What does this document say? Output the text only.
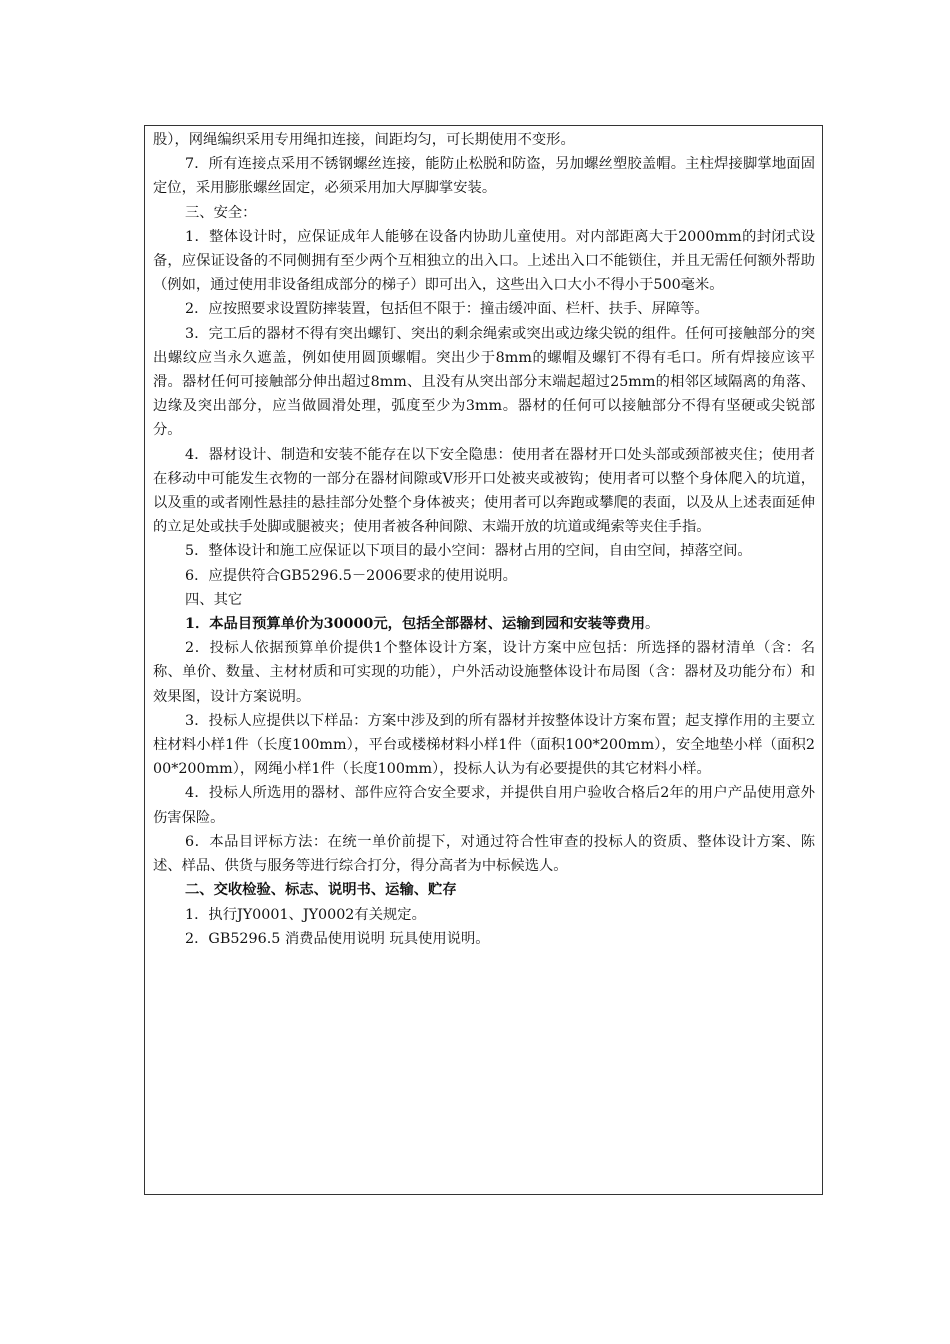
股），网绳编织采用专用绳扣连接，间距均匀，可长期使用不变形。

7．所有连接点采用不锈钢螺丝连接，能防止松脱和防盗，另加螺丝塑胶盖帽。主柱焊接脚掌地面固定位，采用膨胀螺丝固定，必须采用加大厚脚掌安装。

三、安全：

1．整体设计时，应保证成年人能够在设备内协助儿童使用。对内部距离大于2000mm的封闭式设备，应保证设备的不同侧拥有至少两个互相独立的出入口。上述出入口不能锁住，并且无需任何额外帮助（例如，通过使用非设备组成部分的梯子）即可出入，这些出入口大小不得小于500毫米。

2．应按照要求设置防摔装置，包括但不限于：撞击缓冲面、栏杆、扶手、屏障等。

3．完工后的器材不得有突出螺钉、突出的剩余绳索或突出或边缘尖锐的组件。任何可接触部分的突出螺纹应当永久遮盖，例如使用圆顶螺帽。突出少于8mm的螺帽及螺钉不得有毛口。所有焊接应该平滑。器材任何可接触部分伸出超过8mm、且没有从突出部分末端起超过25mm的相邻区域隔离的角落、边缘及突出部分，应当做圆滑处理，弧度至少为3mm。器材的任何可以接触部分不得有坚硬或尖锐部分。

4．器材设计、制造和安装不能存在以下安全隐患：使用者在器材开口处头部或颈部被夹住；使用者在移动中可能发生衣物的一部分在器材间隙或V形开口处被夹或被钩；使用者可以整个身体爬入的坑道，以及重的或者刚性悬挂的悬挂部分处整个身体被夹；使用者可以奔跑或攀爬的表面，以及从上述表面延伸的立足处或扶手处脚或腿被夹；使用者被各种间隙、末端开放的坑道或绳索等夹住手指。

5．整体设计和施工应保证以下项目的最小空间：器材占用的空间，自由空间，掉落空间。

6．应提供符合GB5296.5－2006要求的使用说明。

四、其它

1．本品目预算单价为30000元，包括全部器材、运输到园和安装等费用。

2．投标人依据预算单价提供1个整体设计方案，设计方案中应包括：所选择的器材清单（含：名称、单价、数量、主材材质和可实现的功能），户外活动设施整体设计布局图（含：器材及功能分布）和效果图，设计方案说明。

3．投标人应提供以下样品：方案中涉及到的所有器材并按整体设计方案布置；起支撑作用的主要立柱材料小样1件（长度100mm），平台或楼梯材料小样1件（面积100*200mm），安全地垫小样（面积200*200mm），网绳小样1件（长度100mm），投标人认为有必要提供的其它材料小样。

4．投标人所选用的器材、部件应符合安全要求，并提供自用户验收合格后2年的用户产品使用意外伤害保险。

6．本品目评标方法：在统一单价前提下，对通过符合性审查的投标人的资质、整体设计方案、陈述、样品、供货与服务等进行综合打分，得分高者为中标候选人。

二、交收检验、标志、说明书、运输、贮存

1．执行JY0001、JY0002有关规定。

2．GB5296.5 消费品使用说明 玩具使用说明。
